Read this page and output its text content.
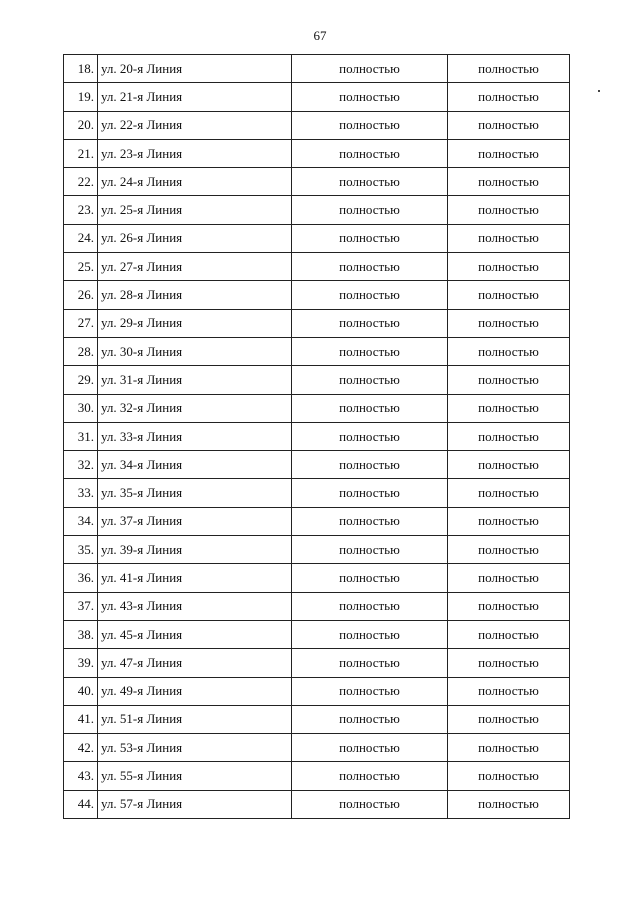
67
18.	ул. 20-я Линия	полностью	полностью
19.	ул. 21-я Линия	полностью	полностью
20.	ул. 22-я Линия	полностью	полностью
21.	ул. 23-я Линия	полностью	полностью
22.	ул. 24-я Линия	полностью	полностью
23.	ул. 25-я Линия	полностью	полностью
24.	ул. 26-я Линия	полностью	полностью
25.	ул. 27-я Линия	полностью	полностью
26.	ул. 28-я Линия	полностью	полностью
27.	ул. 29-я Линия	полностью	полностью
28.	ул. 30-я Линия	полностью	полностью
29.	ул. 31-я Линия	полностью	полностью
30.	ул. 32-я Линия	полностью	полностью
31.	ул. 33-я Линия	полностью	полностью
32.	ул. 34-я Линия	полностью	полностью
33.	ул. 35-я Линия	полностью	полностью
34.	ул. 37-я Линия	полностью	полностью
35.	ул. 39-я Линия	полностью	полностью
36.	ул. 41-я Линия	полностью	полностью
37.	ул. 43-я Линия	полностью	полностью
38.	ул. 45-я Линия	полностью	полностью
39.	ул. 47-я Линия	полностью	полностью
40.	ул. 49-я Линия	полностью	полностью
41.	ул. 51-я Линия	полностью	полностью
42.	ул. 53-я Линия	полностью	полностью
43.	ул. 55-я Линия	полностью	полностью
44.	ул. 57-я Линия	полностью	полностью
